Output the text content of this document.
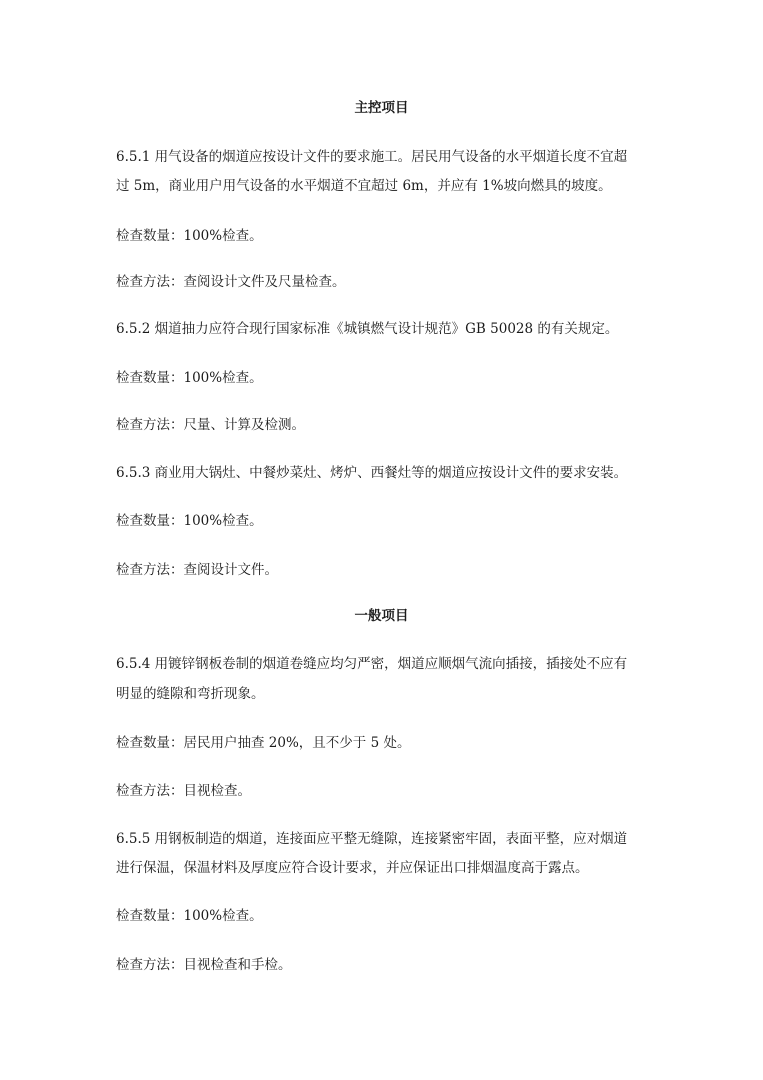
主控项目

6.5.1 用气设备的烟道应按设计文件的要求施工。居民用气设备的水平烟道长度不宜超

过 5m，商业用户用气设备的水平烟道不宜超过 6m，并应有 1%坡向燃具的坡度。

检查数量：100%检查。

检查方法：查阅设计文件及尺量检查。

6.5.2 烟道抽力应符合现行国家标准《城镇燃气设计规范》GB 50028 的有关规定。

检查数量：100%检查。

检查方法：尺量、计算及检测。

6.5.3 商业用大锅灶、中餐炒菜灶、烤炉、西餐灶等的烟道应按设计文件的要求安装。

检查数量：100%检查。

检查方法：查阅设计文件。

一般项目

6.5.4 用镀锌钢板卷制的烟道卷缝应均匀严密，烟道应顺烟气流向插接，插接处不应有

明显的缝隙和弯折现象。

检查数量：居民用户抽查 20%，且不少于 5 处。

检查方法：目视检查。

6.5.5 用钢板制造的烟道，连接面应平整无缝隙，连接紧密牢固，表面平整，应对烟道

进行保温，保温材料及厚度应符合设计要求，并应保证出口排烟温度高于露点。

检查数量：100%检查。

检查方法：目视检查和手检。
